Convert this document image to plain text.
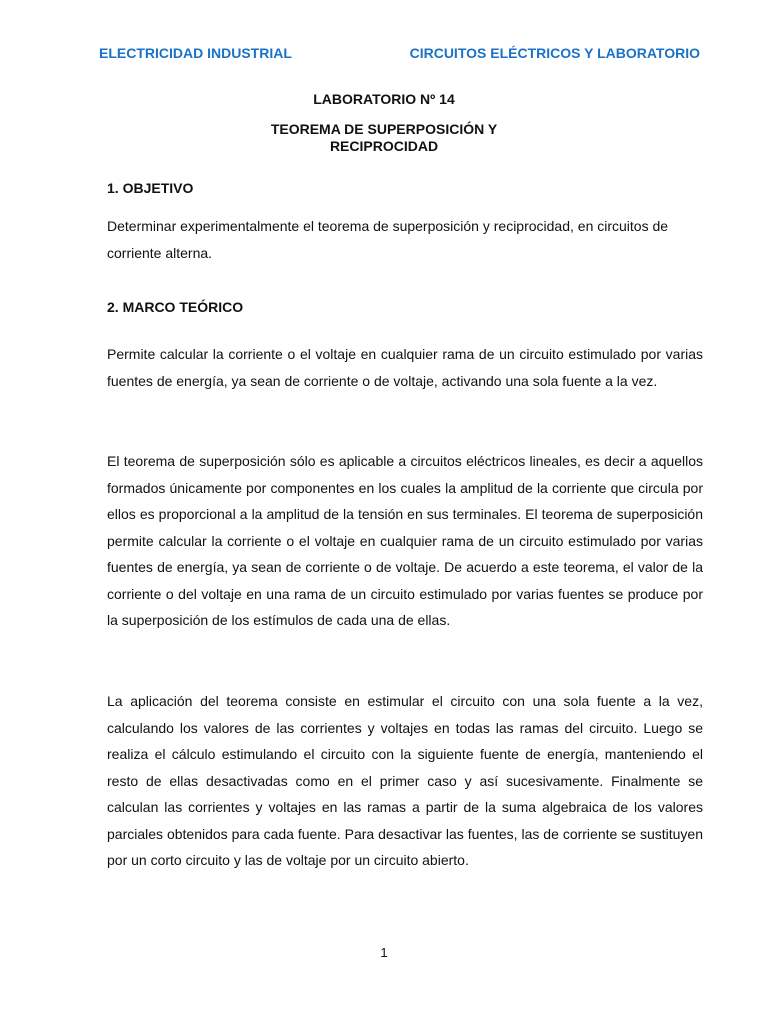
ELECTRICIDAD INDUSTRIAL	CIRCUITOS ELÉCTRICOS Y LABORATORIO
LABORATORIO Nº 14
TEOREMA DE SUPERPOSICIÓN Y
RECIPROCIDAD
1. OBJETIVO

Determinar experimentalmente el teorema de superposición y reciprocidad, en circuitos de corriente alterna.

2. MARCO TEÓRICO

Permite calcular la corriente o el voltaje en cualquier rama de un circuito estimulado por varias fuentes de energía, ya sean de corriente o de voltaje, activando una sola fuente a la vez.

El teorema de superposición sólo es aplicable a circuitos eléctricos lineales, es decir a aquellos formados únicamente por componentes en los cuales la amplitud de la corriente que circula por ellos es proporcional a la amplitud de la tensión en sus terminales. El teorema de superposición permite calcular la corriente o el voltaje en cualquier rama de un circuito estimulado por varias fuentes de energía, ya sean de corriente o de voltaje. De acuerdo a este teorema, el valor de la corriente o del voltaje en una rama de un circuito estimulado por varias fuentes se produce por la superposición de los estímulos de cada una de ellas.

La aplicación del teorema consiste en estimular el circuito con una sola fuente a la vez, calculando los valores de las corrientes y voltajes en todas las ramas del circuito. Luego se realiza el cálculo estimulando el circuito con la siguiente fuente de energía, manteniendo el resto de ellas desactivadas como en el primer caso y así sucesivamente. Finalmente se calculan las corrientes y voltajes en las ramas a partir de la suma algebraica de los valores parciales obtenidos para cada fuente. Para desactivar las fuentes, las de corriente se sustituyen por un corto circuito y las de voltaje por un circuito abierto.

1
